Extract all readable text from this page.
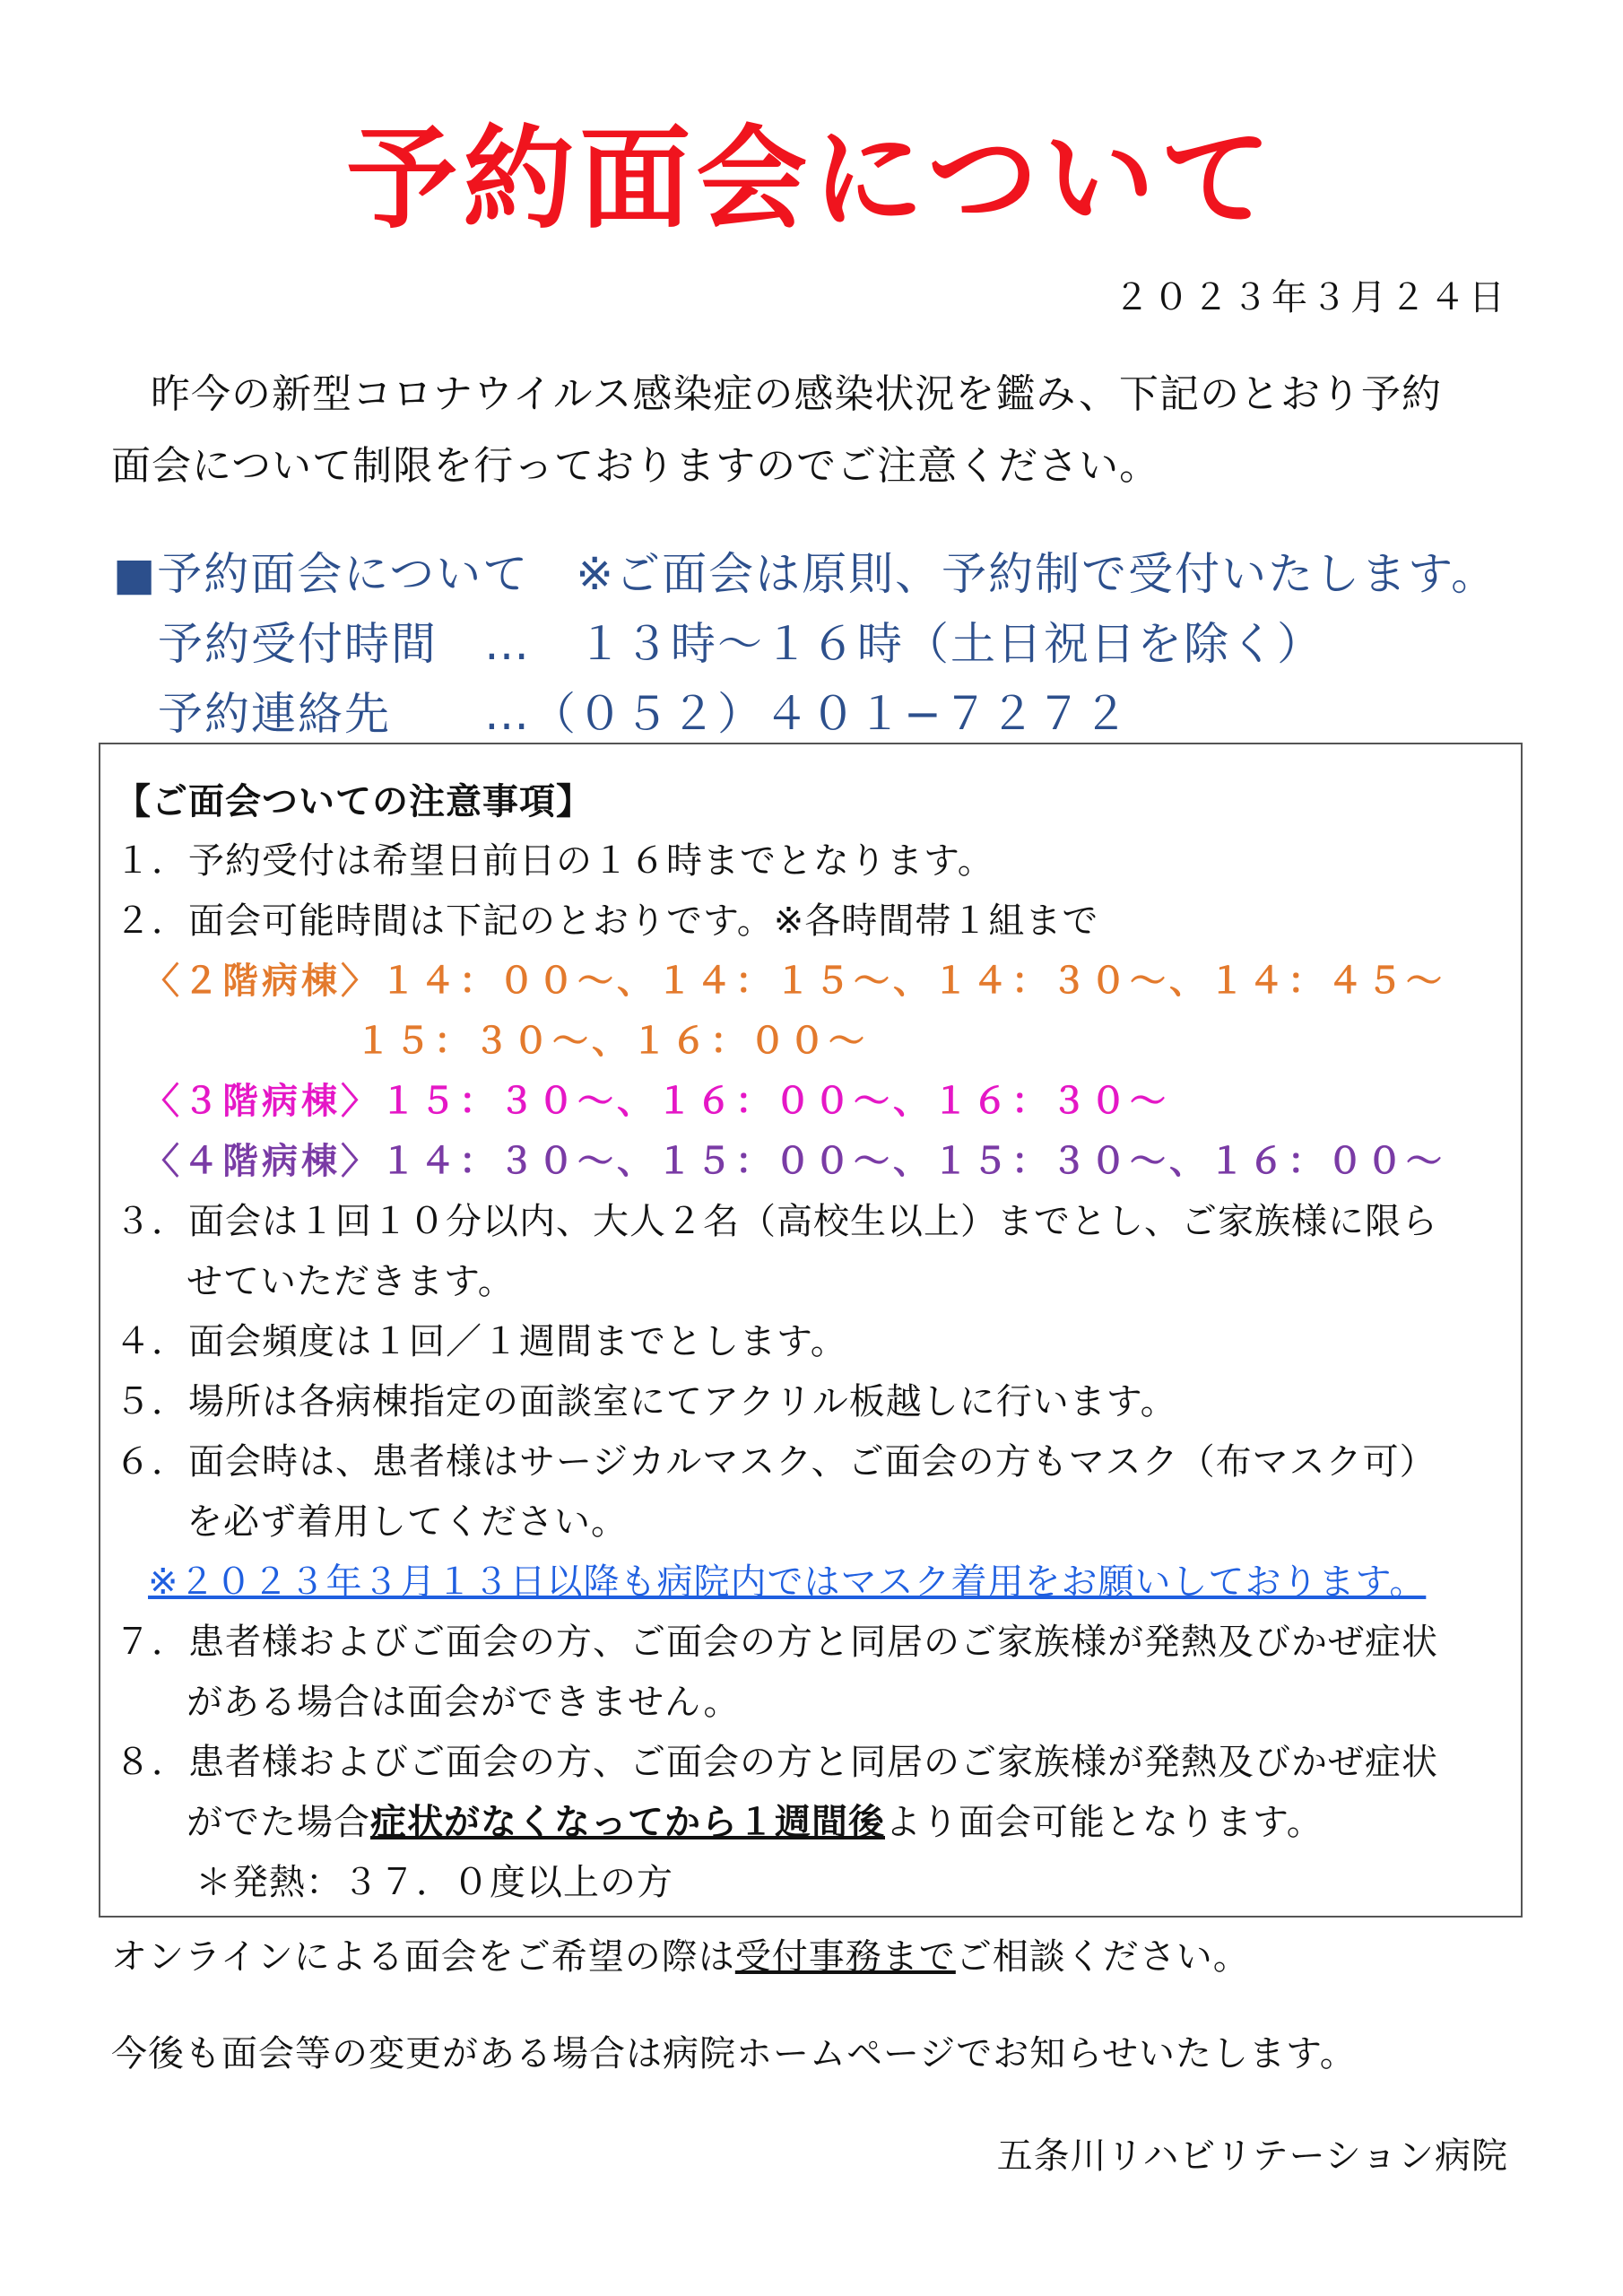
予約面会について
２０２３年３月２４日
昨今の新型コロナウイルス感染症の感染状況を鑑み、下記のとおり予約
面会について制限を行っておりますのでご注意ください。
■予約面会について　※ご面会は原則、予約制で受付いたします。
予約受付時間　…　１３時～１６時（土日祝日を除く）
予約連絡先　　…（０５２）４０１−７２７２
【ご面会ついての注意事項】
１．予約受付は希望日前日の１６時までとなります。
２．面会可能時間は下記のとおりです。※各時間帯１組まで
〈２階病棟〉１４：００～、１４：１５～、１４：３０～、１４：４５～
１５：３０～、１６：００～
〈３階病棟〉１５：３０～、１６：００～、１６：３０～
〈４階病棟〉１４：３０～、１５：００～、１５：３０～、１６：００～
３．面会は１回１０分以内、大人２名（高校生以上）までとし、ご家族様に限ら
せていただきます。
４．面会頻度は１回／１週間までとします。
５．場所は各病棟指定の面談室にてアクリル板越しに行います。
６．面会時は、患者様はサージカルマスク、ご面会の方もマスク（布マスク可）
を必ず着用してください。
※２０２３年３月１３日以降も病院内ではマスク着用をお願いしております。
７．患者様およびご面会の方、ご面会の方と同居のご家族様が発熱及びかぜ症状
がある場合は面会ができません。
８．患者様およびご面会の方、ご面会の方と同居のご家族様が発熱及びかぜ症状
がでた場合症状がなくなってから１週間後より面会可能となります。
＊発熱：３７．０度以上の方
オンラインによる面会をご希望の際は受付事務までご相談ください。
今後も面会等の変更がある場合は病院ホームページでお知らせいたします。
五条川リハビリテーション病院
